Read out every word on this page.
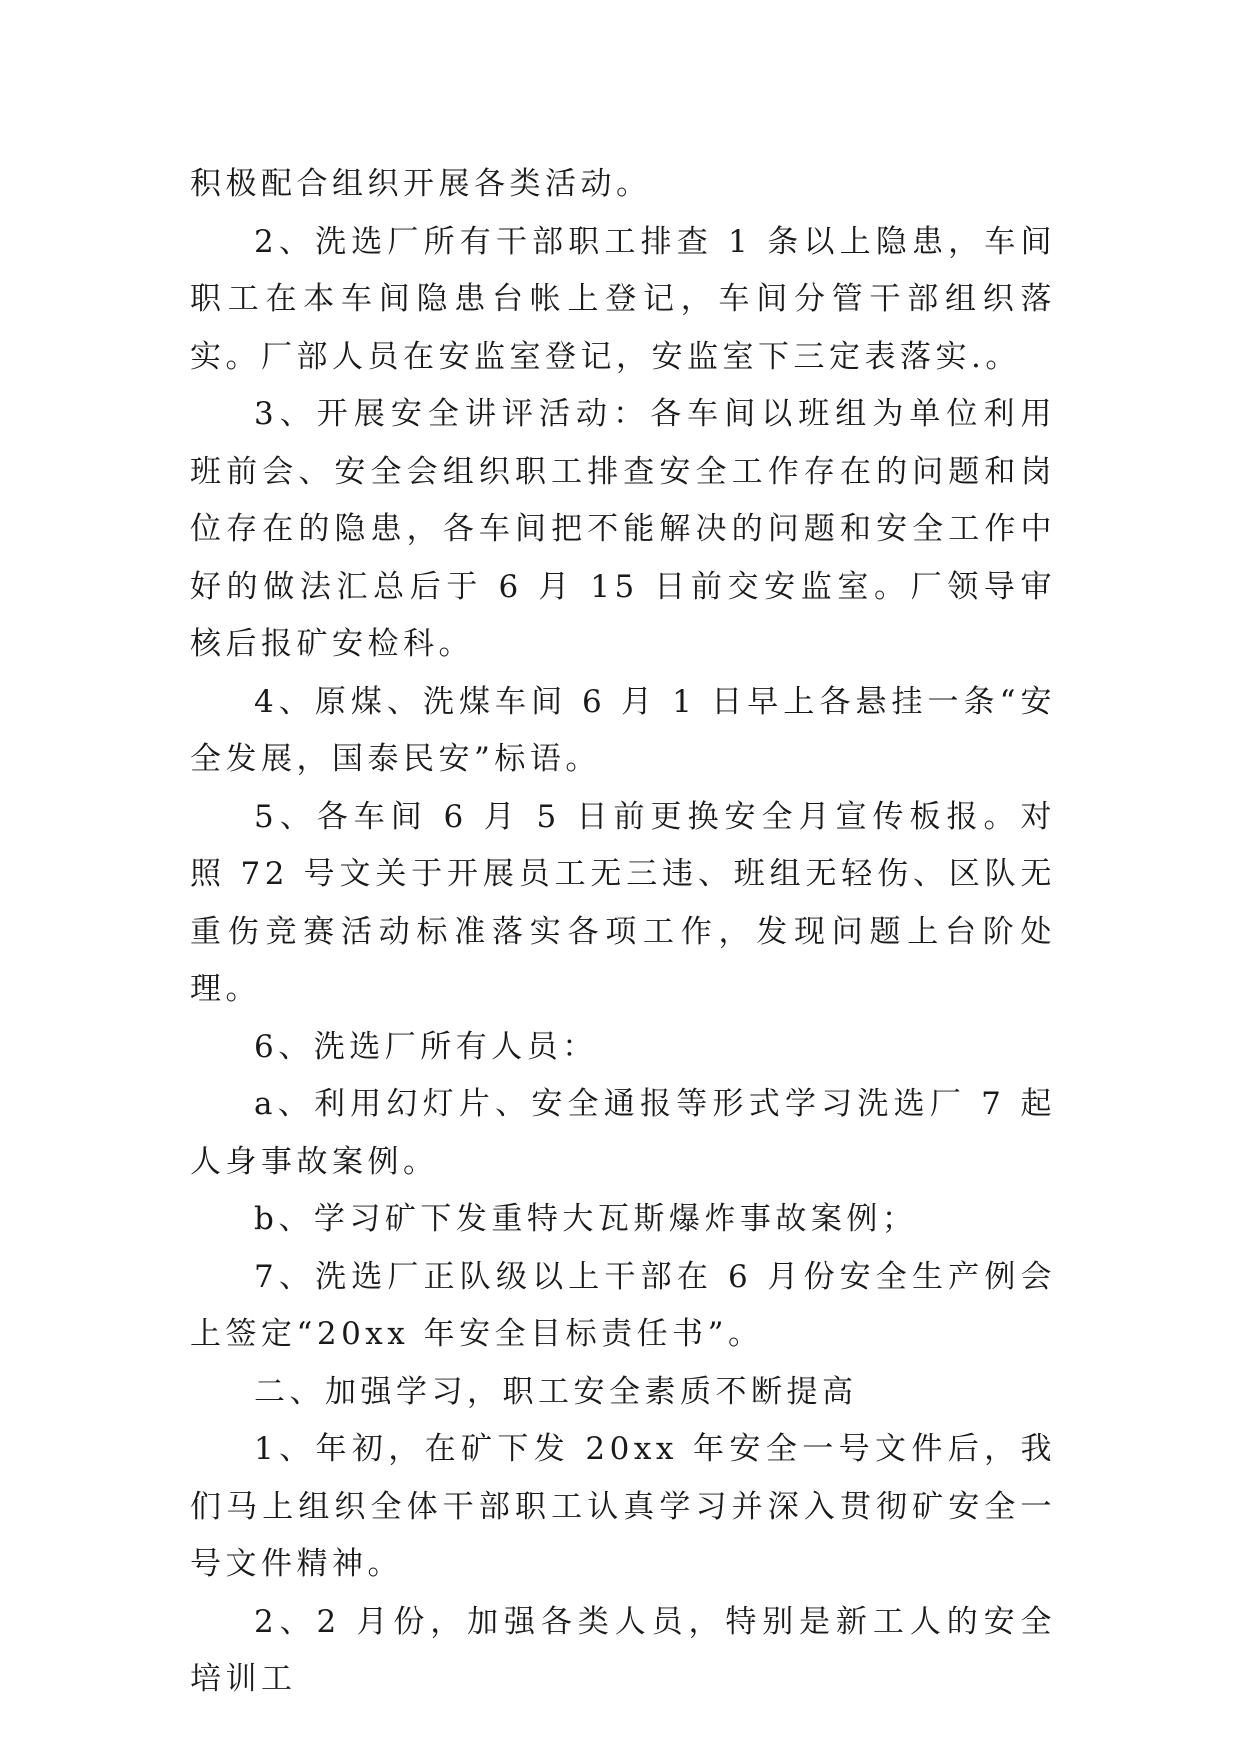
积极配合组织开展各类活动。

2、洗选厂所有干部职工排查 1 条以上隐患，车间职工在本车间隐患台帐上登记，车间分管干部组织落实。厂部人员在安监室登记，安监室下三定表落实.。

3、开展安全讲评活动：各车间以班组为单位利用班前会、安全会组织职工排查安全工作存在的问题和岗位存在的隐患，各车间把不能解决的问题和安全工作中好的做法汇总后于 6 月 15 日前交安监室。厂领导审核后报矿安检科。

4、原煤、洗煤车间 6 月 1 日早上各悬挂一条“安全发展，国泰民安”标语。

5、各车间 6 月 5 日前更换安全月宣传板报。对照 72 号文关于开展员工无三违、班组无轻伤、区队无重伤竞赛活动标准落实各项工作，发现问题上台阶处理。

6、洗选厂所有人员：

a、利用幻灯片、安全通报等形式学习洗选厂 7 起人身事故案例。

b、学习矿下发重特大瓦斯爆炸事故案例；

7、洗选厂正队级以上干部在 6 月份安全生产例会上签定“20xx 年安全目标责任书”。

二、加强学习，职工安全素质不断提高

1、年初，在矿下发 20xx 年安全一号文件后，我们马上组织全体干部职工认真学习并深入贯彻矿安全一号文件精神。

2、2 月份，加强各类人员，特别是新工人的安全培训工
